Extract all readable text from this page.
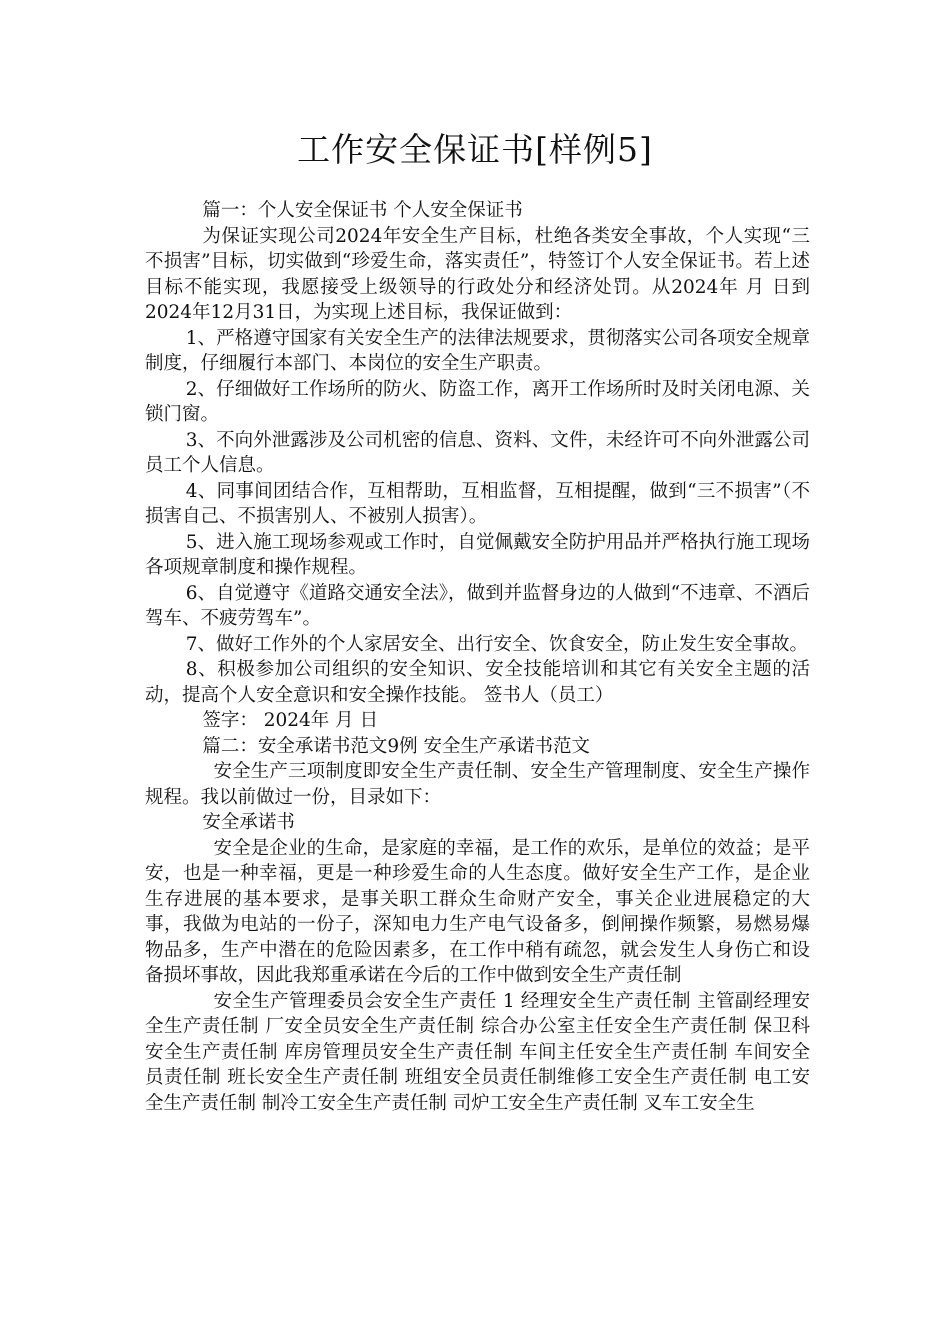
工作安全保证书[样例5]

篇一：个人安全保证书 个人安全保证书

为保证实现公司2024年安全生产目标，杜绝各类安全事故，个人实现“三不损害”目标，切实做到“珍爱生命，落实责任”，特签订个人安全保证书。若上述目标不能实现，我愿接受上级领导的行政处分和经济处罚。从2024年 月 日到2024年12月31日，为实现上述目标，我保证做到：

1、严格遵守国家有关安全生产的法律法规要求，贯彻落实公司各项安全规章制度，仔细履行本部门、本岗位的安全生产职责。

2、仔细做好工作场所的防火、防盗工作，离开工作场所时及时关闭电源、关锁门窗。

3、不向外泄露涉及公司机密的信息、资料、文件，未经许可不向外泄露公司员工个人信息。

4、同事间团结合作，互相帮助，互相监督，互相提醒，做到“三不损害”（不损害自己、不损害别人、不被别人损害）。

5、进入施工现场参观或工作时，自觉佩戴安全防护用品并严格执行施工现场各项规章制度和操作规程。

6、自觉遵守《道路交通安全法》，做到并监督身边的人做到“不违章、不酒后驾车、不疲劳驾车”。

7、做好工作外的个人家居安全、出行安全、饮食安全，防止发生安全事故。

8、积极参加公司组织的安全知识、安全技能培训和其它有关安全主题的活动，提高个人安全意识和安全操作技能。 签书人（员工）

签字： 2024年 月 日

篇二：安全承诺书范文9例 安全生产承诺书范文

安全生产三项制度即安全生产责任制、安全生产管理制度、安全生产操作规程。我以前做过一份，目录如下：

安全承诺书

安全是企业的生命，是家庭的幸福，是工作的欢乐，是单位的效益；是平安，也是一种幸福，更是一种珍爱生命的人生态度。做好安全生产工作，是企业生存进展的基本要求，是事关职工群众生命财产安全，事关企业进展稳定的大事，我做为电站的一份子，深知电力生产电气设备多，倒闸操作频繁，易燃易爆物品多，生产中潜在的危险因素多，在工作中稍有疏忽，就会发生人身伤亡和设备损坏事故，因此我郑重承诺在今后的工作中做到安全生产责任制

安全生产管理委员会安全生产责任 1 经理安全生产责任制 主管副经理安全生产责任制 厂安全员安全生产责任制 综合办公室主任安全生产责任制 保卫科安全生产责任制 库房管理员安全生产责任制 车间主任安全生产责任制 车间安全员责任制 班长安全生产责任制 班组安全员责任制维修工安全生产责任制 电工安全生产责任制 制冷工安全生产责任制 司炉工安全生产责任制 叉车工安全生
